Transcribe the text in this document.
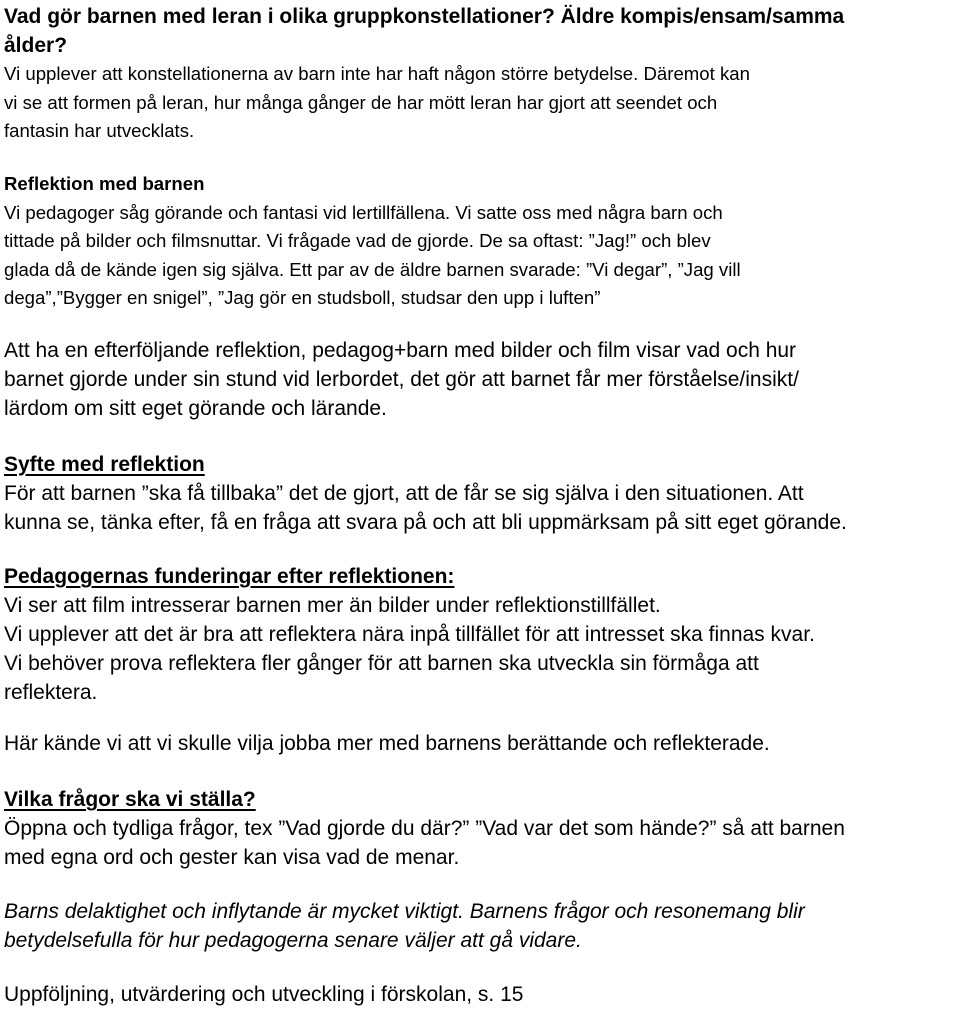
Vad gör barnen med leran i olika gruppkonstellationer? Äldre kompis/ensam/samma
ålder?
Vi upplever att konstellationerna av barn inte har haft någon större betydelse. Däremot kan
vi se att formen på leran, hur många gånger de har mött leran har gjort att seendet och
fantasin har utvecklats.
Reflektion med barnen
Vi pedagoger såg görande och fantasi vid lertillfällena. Vi satte oss med några barn och
tittade på bilder och filmsnuttar. Vi frågade vad de gjorde. De sa oftast: ”Jag!” och blev
glada då de kände igen sig själva. Ett par av de äldre barnen svarade: ”Vi degar”, ”Jag vill
dega”,”Bygger en snigel”, ”Jag gör en studsboll, studsar den upp i luften”
Att ha en efterföljande reflektion, pedagog+barn med bilder och film visar vad och hur
barnet gjorde under sin stund vid lerbordet, det gör att barnet får mer förståelse/insikt/
lärdom om sitt eget görande och lärande.
Syfte med reflektion
För att barnen ”ska få tillbaka” det de gjort, att de får se sig själva i den situationen. Att
kunna se, tänka efter, få en fråga att svara på och att bli uppmärksam på sitt eget görande.
Pedagogernas funderingar efter reflektionen:
Vi ser att film intresserar barnen mer än bilder under reflektionstillfället.
Vi upplever att det är bra att reflektera nära inpå tillfället för att intresset ska finnas kvar.
Vi behöver prova reflektera fler gånger för att barnen ska utveckla sin förmåga att
reflektera.
Här kände vi att vi skulle vilja jobba mer med barnens berättande och reflekterade.
Vilka frågor ska vi ställa?
Öppna och tydliga frågor, tex ”Vad gjorde du där?” ”Vad var det som hände?” så att barnen
med egna ord och gester kan visa vad de menar.
Barns delaktighet och inflytande är mycket viktigt. Barnens frågor och resonemang blir
betydelsefulla för hur pedagogerna senare väljer att gå vidare.
Uppföljning, utvärdering och utveckling i förskolan, s. 15
